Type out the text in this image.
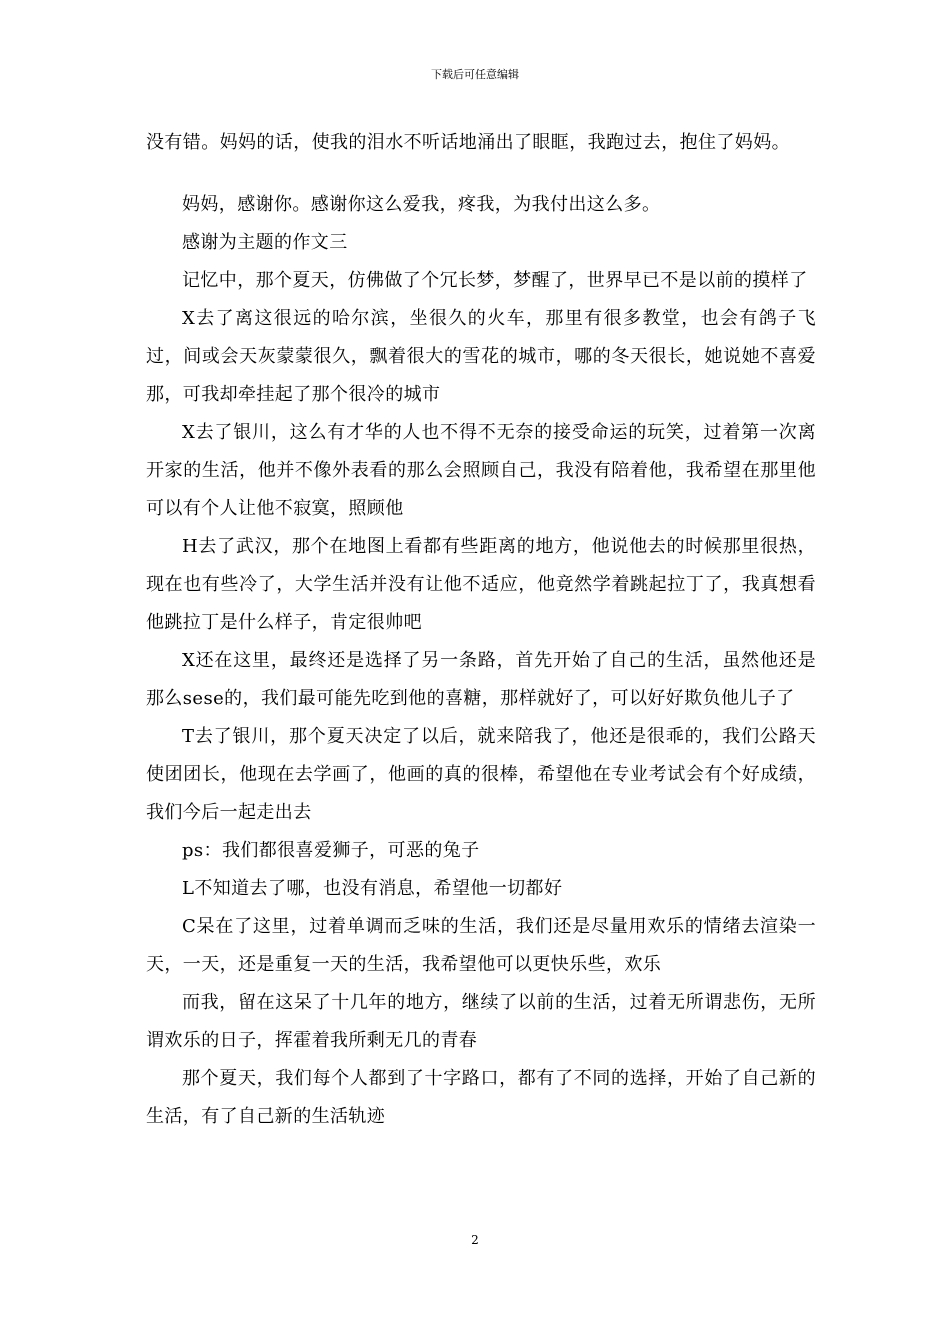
下载后可任意编辑

没有错。妈妈的话，使我的泪水不听话地涌出了眼眶，我跑过去，抱住了妈妈。

妈妈，感谢你。感谢你这么爱我，疼我，为我付出这么多。

感谢为主题的作文三

记忆中，那个夏天，仿佛做了个冗长梦，梦醒了，世界早已不是以前的摸样了

X去了离这很远的哈尔滨，坐很久的火车，那里有很多教堂，也会有鸽子飞过，间或会天灰蒙蒙很久，飘着很大的雪花的城市，哪的冬天很长，她说她不喜爱那，可我却牵挂起了那个很冷的城市

X去了银川，这么有才华的人也不得不无奈的接受命运的玩笑，过着第一次离开家的生活，他并不像外表看的那么会照顾自己，我没有陪着他，我希望在那里他可以有个人让他不寂寞，照顾他

H去了武汉，那个在地图上看都有些距离的地方，他说他去的时候那里很热，现在也有些冷了，大学生活并没有让他不适应，他竟然学着跳起拉丁了，我真想看他跳拉丁是什么样子，肯定很帅吧

X还在这里，最终还是选择了另一条路，首先开始了自己的生活，虽然他还是那么sese的，我们最可能先吃到他的喜糖，那样就好了，可以好好欺负他儿子了

T去了银川，那个夏天决定了以后，就来陪我了，他还是很乖的，我们公路天使团团长，他现在去学画了，他画的真的很棒，希望他在专业考试会有个好成绩，我们今后一起走出去

ps：我们都很喜爱狮子，可恶的兔子

L不知道去了哪，也没有消息，希望他一切都好

C呆在了这里，过着单调而乏味的生活，我们还是尽量用欢乐的情绪去渲染一天，一天，还是重复一天的生活，我希望他可以更快乐些，欢乐

而我，留在这呆了十几年的地方，继续了以前的生活，过着无所谓悲伤，无所谓欢乐的日子，挥霍着我所剩无几的青春

那个夏天，我们每个人都到了十字路口，都有了不同的选择，开始了自己新的生活，有了自己新的生活轨迹

2
